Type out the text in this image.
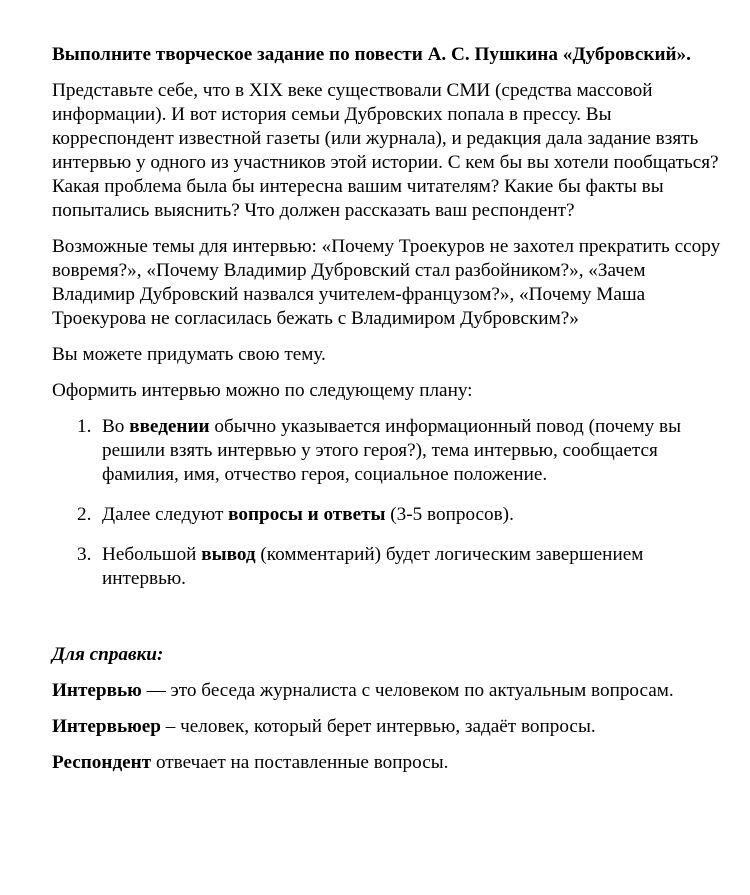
Выполните творческое задание по повести А. С. Пушкина «Дубровский».

Представьте себе, что в XIX веке существовали СМИ (средства массовой информации). И вот история семьи Дубровских попала в прессу. Вы корреспондент известной газеты (или журнала), и редакция дала задание взять интервью у одного из участников этой истории. С кем бы вы хотели пообщаться? Какая проблема была бы интересна вашим читателям? Какие бы факты вы попытались выяснить? Что должен рассказать ваш респондент?

Возможные темы для интервью: «Почему Троекуров не захотел прекратить ссору вовремя?», «Почему Владимир Дубровский стал разбойником?», «Зачем Владимир Дубровский назвался учителем-французом?», «Почему Маша Троекурова не согласилась бежать с Владимиром Дубровским?»

Вы можете придумать свою тему.

Оформить интервью можно по следующему плану:

1. Во введении обычно указывается информационный повод (почему вы решили взять интервью у этого героя?), тема интервью, сообщается фамилия, имя, отчество героя, социальное положение.
2. Далее следуют вопросы и ответы (3-5 вопросов).
3. Небольшой вывод (комментарий) будет логическим завершением интервью.

Для справки:

Интервью — это беседа журналиста с человеком по актуальным вопросам.

Интервьюер – человек, который берет интервью, задаёт вопросы.

Респондент отвечает на поставленные вопросы.
